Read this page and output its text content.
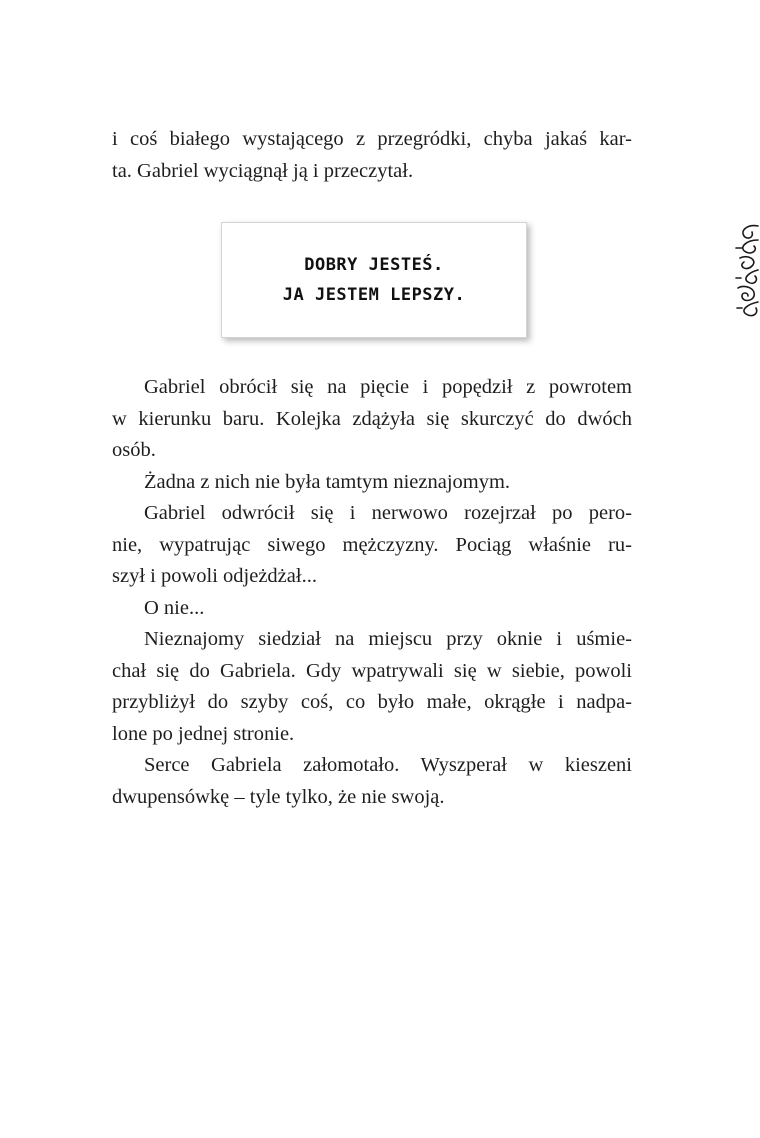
i coś białego wystającego z przegródki, chyba jakaś kar-
ta. Gabriel wyciągnął ją i przeczytał.
DOBRY JESTEŚ.
JA JESTEM LEPSZY.
Gabriel obrócił się na pięcie i popędził z powrotem
w kierunku baru. Kolejka zdążyła się skurczyć do dwóch
osób.
Żadna z nich nie była tamtym nieznajomym.
Gabriel odwrócił się i nerwowo rozejrzał po pero-
nie, wypatrując siwego mężczyzny. Pociąg właśnie ru-
szył i powoli odjeżdżał...
O nie...
Nieznajomy siedział na miejscu przy oknie i uśmie-
chał się do Gabriela. Gdy wpatrywali się w siebie, powoli
przybliżył do szyby coś, co było małe, okrągłe i nadpa-
lone po jednej stronie.
Serce Gabriela załomotało. Wyszperał w kieszeni
dwupensówkę – tyle tylko, że nie swoją.
